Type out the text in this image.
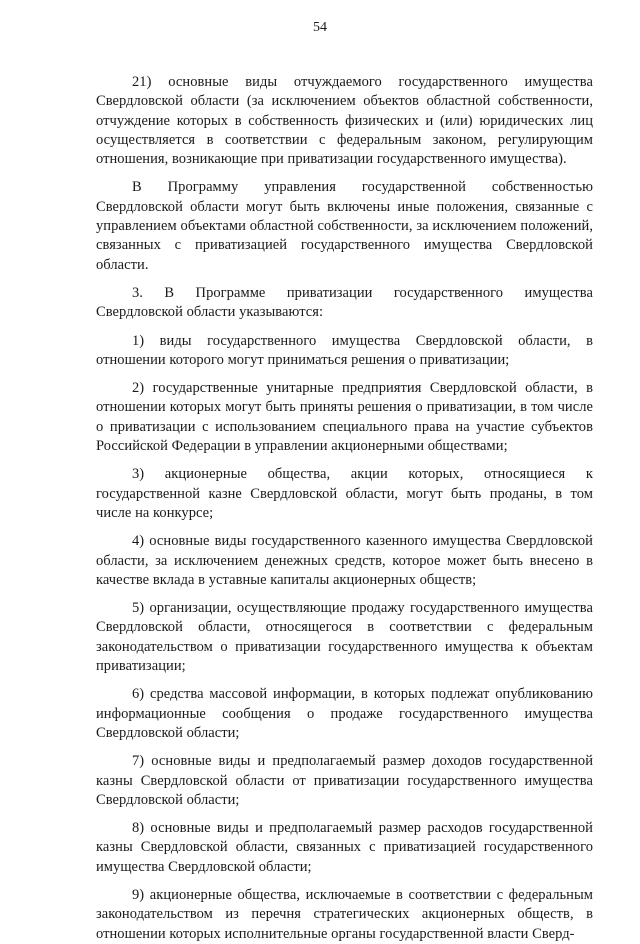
54

21) основные виды отчуждаемого государственного имущества Свердловской области (за исключением объектов областной собственности, отчуждение которых в собственность физических и (или) юридических лиц осуществляется в соответствии с федеральным законом, регулирующим отношения, возникающие при приватизации государственного имущества).

В Программу управления государственной собственностью Свердловской области могут быть включены иные положения, связанные с управлением объектами областной собственности, за исключением положений, связанных с приватизацией государственного имущества Свердловской области.

3. В Программе приватизации государственного имущества Свердловской области указываются:

1) виды государственного имущества Свердловской области, в отношении которого могут приниматься решения о приватизации;

2) государственные унитарные предприятия Свердловской области, в отношении которых могут быть приняты решения о приватизации, в том числе о приватизации с использованием специального права на участие субъектов Российской Федерации в управлении акционерными обществами;

3) акционерные общества, акции которых, относящиеся к государственной казне Свердловской области, могут быть проданы, в том числе на конкурсе;

4) основные виды государственного казенного имущества Свердловской области, за исключением денежных средств, которое может быть внесено в качестве вклада в уставные капиталы акционерных обществ;

5) организации, осуществляющие продажу государственного имущества Свердловской области, относящегося в соответствии с федеральным законодательством о приватизации государственного имущества к объектам приватизации;

6) средства массовой информации, в которых подлежат опубликованию информационные сообщения о продаже государственного имущества Свердловской области;

7) основные виды и предполагаемый размер доходов государственной казны Свердловской области от приватизации государственного имущества Свердловской области;

8) основные виды и предполагаемый размер расходов государственной казны Свердловской области, связанных с приватизацией государственного имущества Свердловской области;

9) акционерные общества, исключаемые в соответствии с федеральным законодательством из перечня стратегических акционерных обществ, в отношении которых исполнительные органы государственной власти Сверд-
